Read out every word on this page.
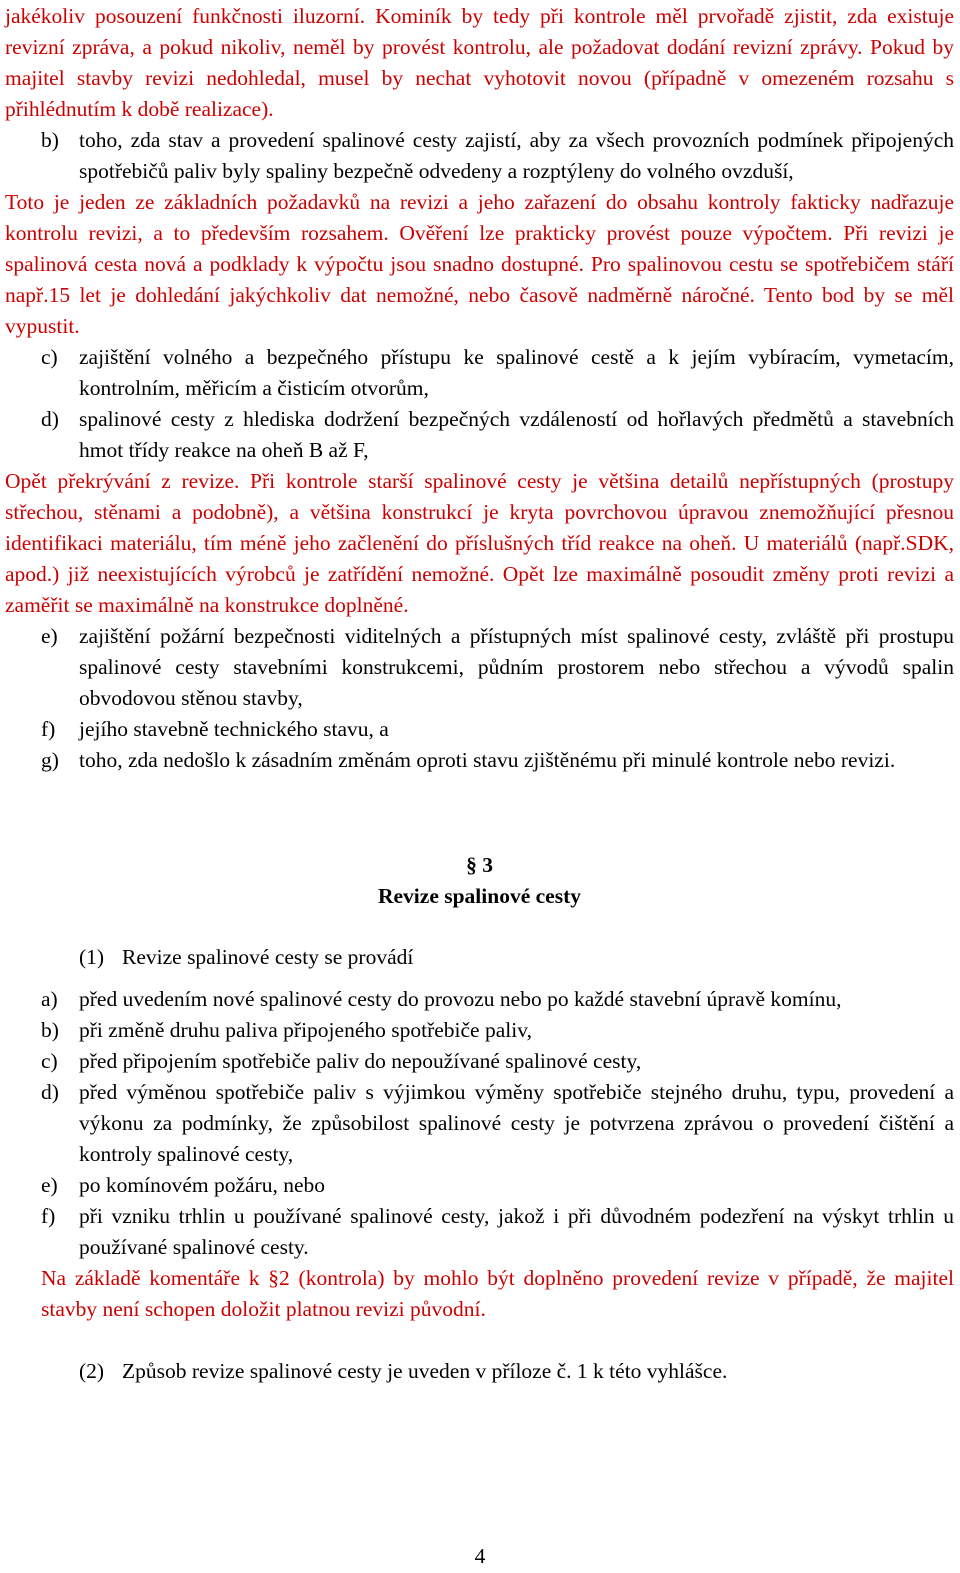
jakékoliv posouzení funkčnosti iluzorní. Kominík by tedy při kontrole měl prvořadě zjistit, zda existuje revizní zpráva, a pokud nikoliv, neměl by provést kontrolu, ale požadovat dodání revizní zprávy. Pokud by majitel stavby revizi nedohledal, musel by nechat vyhotovit novou (případně v omezeném rozsahu s přihlédnutím k době realizace).

b) toho, zda stav a provedení spalinové cesty zajistí, aby za všech provozních podmínek připojených spotřebičů paliv byly spaliny bezpečně odvedeny a rozptýleny do volného ovzduší,

Toto je jeden ze základních požadavků na revizi a jeho zařazení do obsahu kontroly fakticky nadřazuje kontrolu revizi, a to především rozsahem. Ověření lze prakticky provést pouze výpočtem. Při revizi je spalinová cesta nová a podklady k výpočtu jsou snadno dostupné. Pro spalinovou cestu se spotřebičem stáří např.15 let je dohledání jakýchkoliv dat nemožné, nebo časově nadměrně náročné. Tento bod by se měl vypustit.

c) zajištění volného a bezpečného přístupu ke spalinové cestě a k jejím vybíracím, vymetacím, kontrolním, měřicím a čisticím otvorům,

d) spalinové cesty z hlediska dodržení bezpečných vzdáleností od hořlavých předmětů a stavebních hmot třídy reakce na oheň B až F,

Opět překrývání z revize. Při kontrole starší spalinové cesty je většina detailů nepřístupných (prostupy střechou, stěnami a podobně), a většina konstrukcí je kryta povrchovou úpravou znemožňující přesnou identifikaci materiálu, tím méně jeho začlenění do příslušných tříd reakce na oheň. U materiálů (např.SDK, apod.) již neexistujících výrobců je zatřídění nemožné. Opět lze maximálně posoudit změny proti revizi a zaměřit se maximálně na konstrukce doplněné.

e) zajištění požární bezpečnosti viditelných a přístupných míst spalinové cesty, zvláště při prostupu spalinové cesty stavebními konstrukcemi, půdním prostorem nebo střechou a vývodů spalin obvodovou stěnou stavby,

f) jejího stavebně technického stavu, a

g) toho, zda nedošlo k zásadním změnám oproti stavu zjištěnému při minulé kontrole nebo revizi.

§ 3

Revize spalinové cesty

(1) Revize spalinové cesty se provádí

a) před uvedením nové spalinové cesty do provozu nebo po každé stavební úpravě komínu,

b) při změně druhu paliva připojeného spotřebiče paliv,

c) před připojením spotřebiče paliv do nepoužívané spalinové cesty,

d) před výměnou spotřebiče paliv s výjimkou výměny spotřebiče stejného druhu, typu, provedení a výkonu za podmínky, že způsobilost spalinové cesty je potvrzena zprávou o provedení čištění a kontroly spalinové cesty,

e) po komínovém požáru, nebo

f) při vzniku trhlin u používané spalinové cesty, jakož i při důvodném podezření na výskyt trhlin u používané spalinové cesty.

Na základě komentáře k §2 (kontrola) by mohlo být doplněno provedení revize v případě, že majitel stavby není schopen doložit platnou revizi původní.

(2) Způsob revize spalinové cesty je uveden v příloze č. 1 k této vyhlášce.

4
